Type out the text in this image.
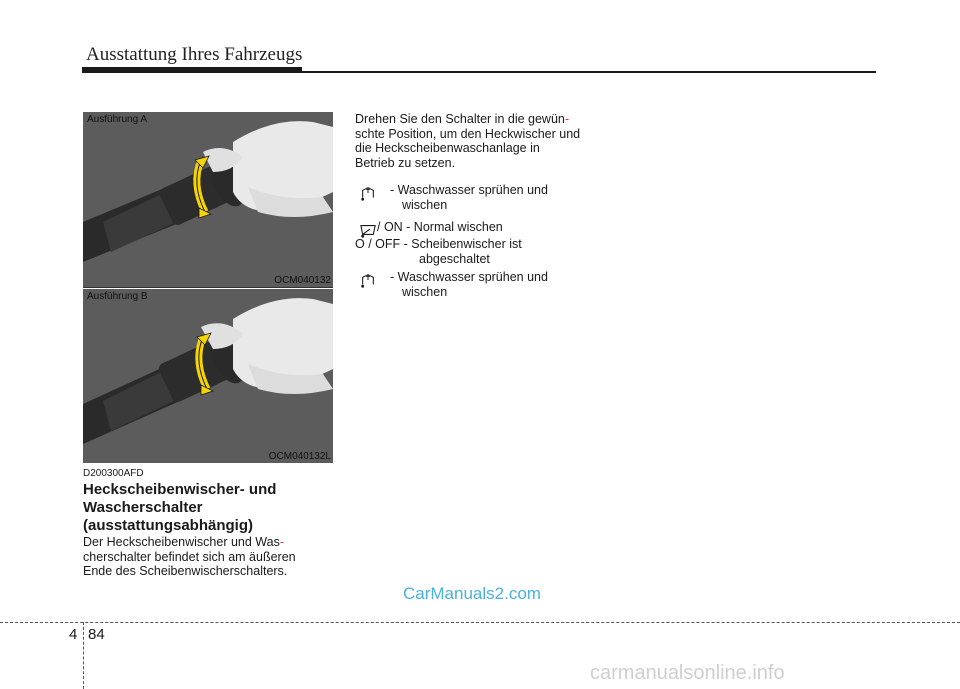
Ausstattung Ihres Fahrzeugs
Ausführung A
OCM040132
Ausführung B
OCM040132L
D200300AFD
Heckscheibenwischer- und
Wascherschalter
(ausstattungsabhängig)
Der Heckscheibenwischer und Was-
cherschalter befindet sich am äußeren
Ende des Scheibenwischerschalters.
Drehen Sie den Schalter in die gewün-
schte Position, um den Heckwischer und

die Heckscheibenwaschanlage in
Betrieb zu setzen.
- Waschwasser sprühen und
wischen
/ ON - Normal wischen
O / OFF - Scheibenwischer ist
abgeschaltet
- Waschwasser sprühen und
wischen
CarManuals2.com
4 84
carmanualsonline.info
